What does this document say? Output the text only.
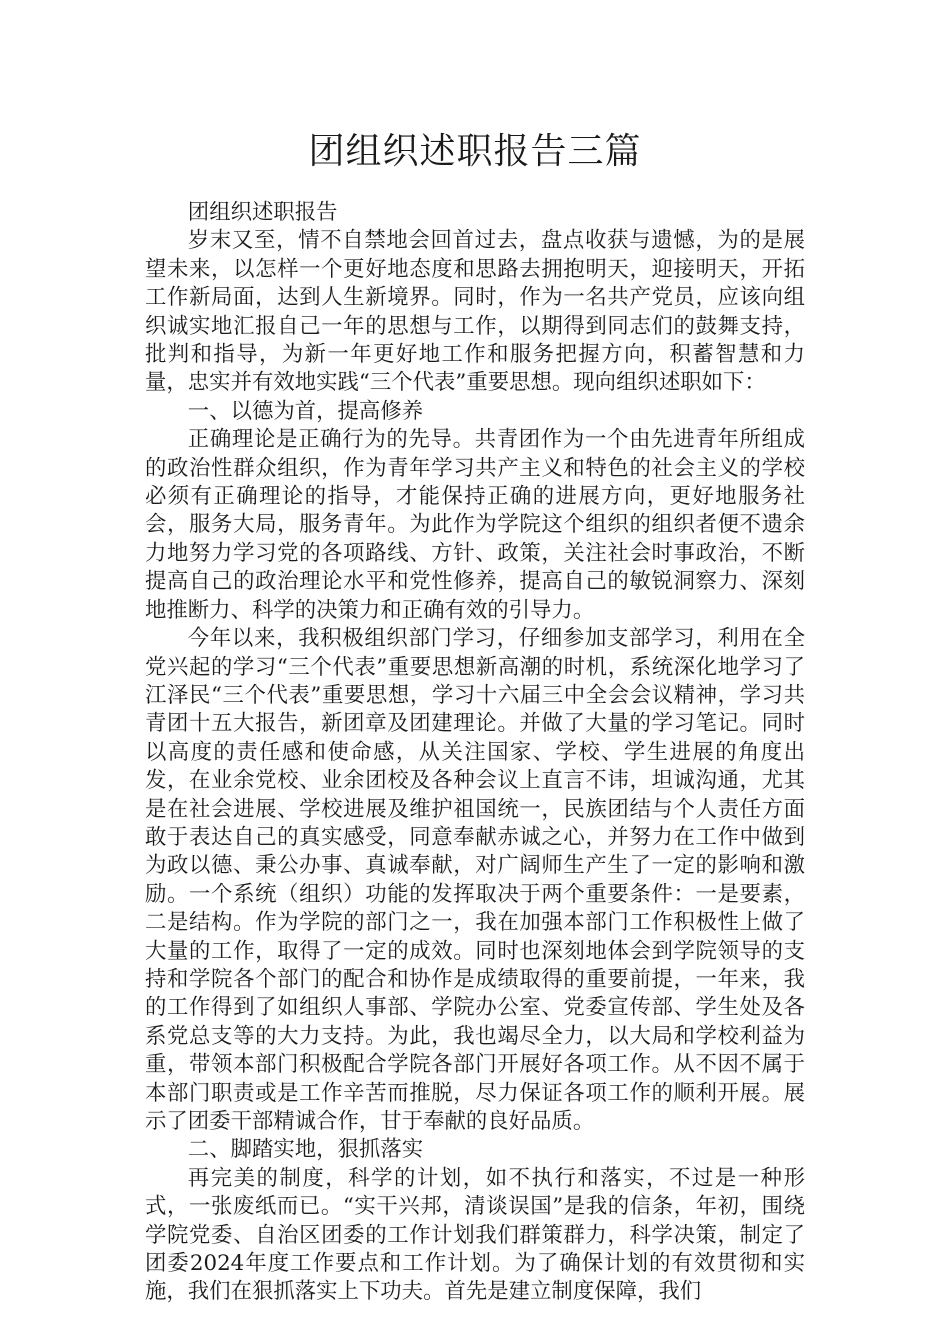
团组织述职报告三篇

团组织述职报告

岁末又至，情不自禁地会回首过去，盘点收获与遗憾，为的是展望未来，以怎样一个更好地态度和思路去拥抱明天，迎接明天，开拓工作新局面，达到人生新境界。同时，作为一名共产党员，应该向组织诚实地汇报自己一年的思想与工作，以期得到同志们的鼓舞支持，批判和指导，为新一年更好地工作和服务把握方向，积蓄智慧和力量，忠实并有效地实践“三个代表”重要思想。现向组织述职如下：

一、以德为首，提高修养

正确理论是正确行为的先导。共青团作为一个由先进青年所组成的政治性群众组织，作为青年学习共产主义和特色的社会主义的学校必须有正确理论的指导，才能保持正确的进展方向，更好地服务社会，服务大局，服务青年。为此作为学院这个组织的组织者便不遗余力地努力学习党的各项路线、方针、政策，关注社会时事政治，不断提高自己的政治理论水平和党性修养，提高自己的敏锐洞察力、深刻地推断力、科学的决策力和正确有效的引导力。

今年以来，我积极组织部门学习，仔细参加支部学习，利用在全党兴起的学习“三个代表”重要思想新高潮的时机，系统深化地学习了江泽民“三个代表”重要思想，学习十六届三中全会会议精神，学习共青团十五大报告，新团章及团建理论。并做了大量的学习笔记。同时以高度的责任感和使命感，从关注国家、学校、学生进展的角度出发，在业余党校、业余团校及各种会议上直言不讳，坦诚沟通，尤其是在社会进展、学校进展及维护祖国统一，民族团结与个人责任方面敢于表达自己的真实感受，同意奉献赤诚之心，并努力在工作中做到为政以德、秉公办事、真诚奉献，对广阔师生产生了一定的影响和激励。一个系统（组织）功能的发挥取决于两个重要条件：一是要素，二是结构。作为学院的部门之一，我在加强本部门工作积极性上做了大量的工作，取得了一定的成效。同时也深刻地体会到学院领导的支持和学院各个部门的配合和协作是成绩取得的重要前提，一年来，我的工作得到了如组织人事部、学院办公室、党委宣传部、学生处及各系党总支等的大力支持。为此，我也竭尽全力，以大局和学校利益为重，带领本部门积极配合学院各部门开展好各项工作。从不因不属于本部门职责或是工作辛苦而推脱，尽力保证各项工作的顺利开展。展示了团委干部精诚合作，甘于奉献的良好品质。

二、脚踏实地，狠抓落实

再完美的制度，科学的计划，如不执行和落实，不过是一种形式，一张废纸而已。“实干兴邦，清谈误国”是我的信条，年初，围绕学院党委、自治区团委的工作计划我们群策群力，科学决策，制定了团委2024年度工作要点和工作计划。为了确保计划的有效贯彻和实施，我们在狠抓落实上下功夫。首先是建立制度保障，我们
